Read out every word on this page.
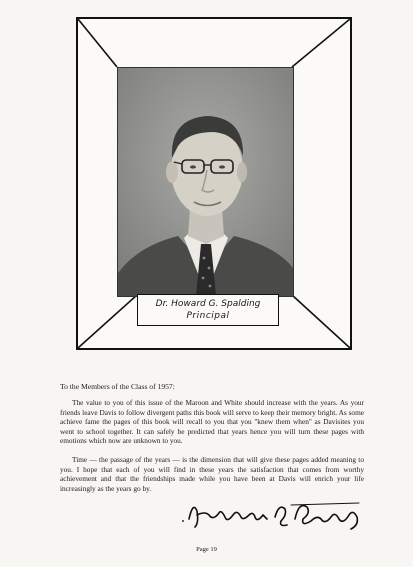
Dr. Howard G. Spalding
Principal
To the Members of the Class of 1957:

The value to you of this issue of the Maroon and White should increase with the years. As your friends leave Davis to follow divergent paths this book will serve to keep their memory bright. As some achieve fame the pages of this book will recall to you that you "knew them when" as Davisites you went to school together. It can safely be predicted that years hence you will turn these pages with emotions which now are unknown to you.

Time — the passage of the years — is the dimension that will give these pages added meaning to you. I hope that each of you will find in these years the satisfaction that comes from worthy achievement and that the friendships made while you have been at Davis will enrich your life increasingly as the years go by.

Page 19
